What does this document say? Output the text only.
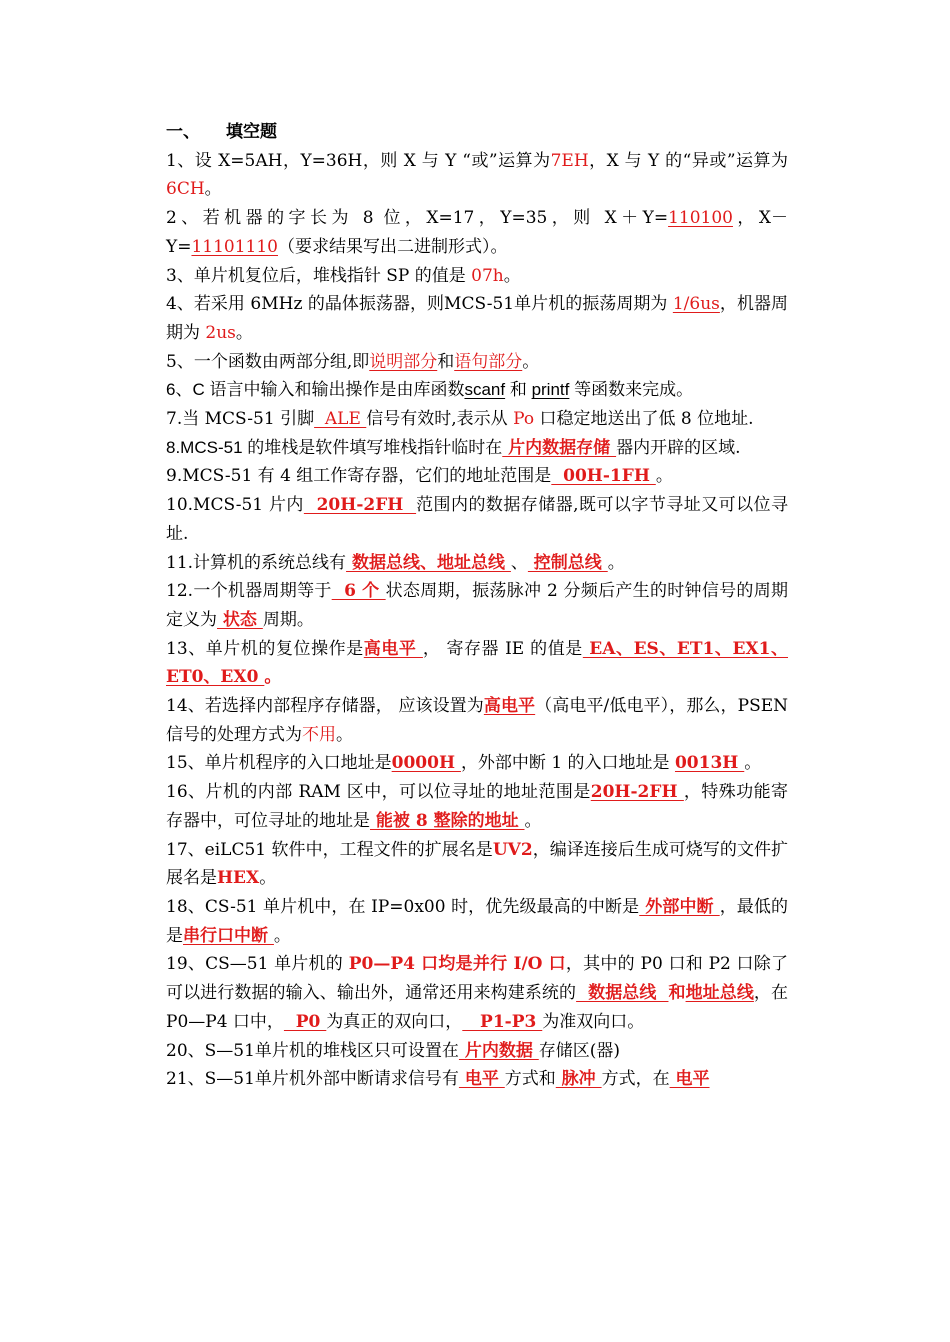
一、 填空题

1、设 X=5AH，Y=36H，则 X 与 Y “或”运算为7EH，X 与 Y 的“异或”运算为 6CH。

2、若机器的字长为 8 位，X=17，Y=35，则 X＋Y=110100，X－Y=11101110（要求结果写出二进制形式）。

3、单片机复位后，堆栈指针 SP 的值是 07h。

4、若采用 6MHz 的晶体振荡器，则MCS-51单片机的振荡周期为 1/6us，机器周期为 2us。

5、一个函数由两部分组,即说明部分和语句部分。

6、C 语言中输入和输出操作是由库函数scanf 和 printf 等函数来完成。

7.当 MCS-51 引脚  ALE 信号有效时,表示从 Po 口稳定地送出了低 8 位地址.

8.MCS-51 的堆栈是软件填写堆栈指针临时在 片内数据存储 器内开辟的区域.

9.MCS-51 有 4 组工作寄存器，它们的地址范围是  00H-1FH 。

10.MCS-51 片内  20H-2FH  范围内的数据存储器,既可以字节寻址又可以位寻址.

11.计算机的系统总线有 数据总线、地址总线 、 控制总线 。

12.一个机器周期等于  6 个 状态周期，振荡脉冲 2 分频后产生的时钟信号的周期定义为 状态 周期。

13、单片机的复位操作是高电平 ， 寄存器 IE 的值是 EA、ES、ET1、EX1、ET0、EX0 。

14、若选择内部程序存储器， 应该设置为高电平（高电平/低电平），那么，PSEN 信号的处理方式为不用。

15、单片机程序的入口地址是0000H ，外部中断 1 的入口地址是 0013H 。

16、片机的内部 RAM 区中，可以位寻址的地址范围是20H-2FH ，特殊功能寄存器中，可位寻址的地址是 能被 8 整除的地址 。

17、eiLC51 软件中，工程文件的扩展名是UV2，编译连接后生成可烧写的文件扩展名是HEX。

18、CS-51 单片机中，在 IP=0x00 时，优先级最高的中断是 外部中断 ，最低的是串行口中断 。

19、CS—51 单片机的 P0—P4 口均是并行 I/O 口，其中的 P0 口和 P2 口除了可以进行数据的输入、输出外，通常还用来构建系统的  数据总线  和地址总线，在 P0—P4 口中，  P0 为真正的双向口，   P1-P3 为准双向口。

20、S—51单片机的堆栈区只可设置在 片内数据 存储区(器)

21、S—51单片机外部中断请求信号有 电平 方式和 脉冲 方式，在 电平
